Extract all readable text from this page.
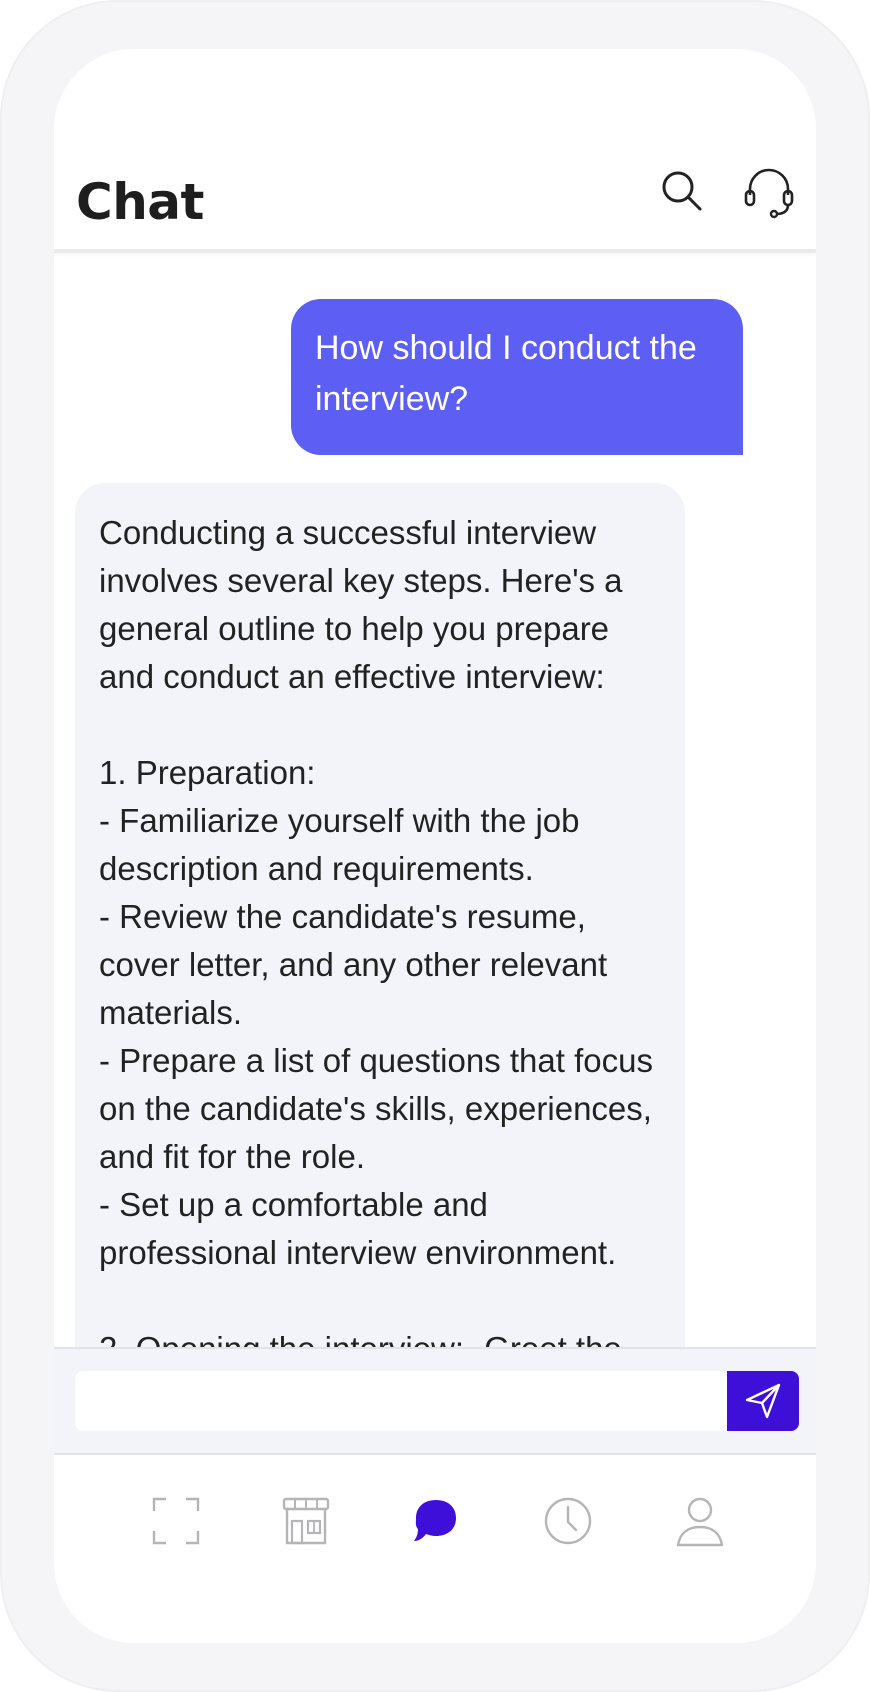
Chat
How should I conduct the interview?
Conducting a successful interview involves several key steps. Here's a general outline to help you prepare and conduct an effective interview:

1. Preparation:
- Familiarize yourself with the job description and requirements.
- Review the candidate's resume, cover letter, and any other relevant materials.
- Prepare a list of questions that focus on the candidate's skills, experiences, and fit for the role.
- Set up a comfortable and professional interview environment.
